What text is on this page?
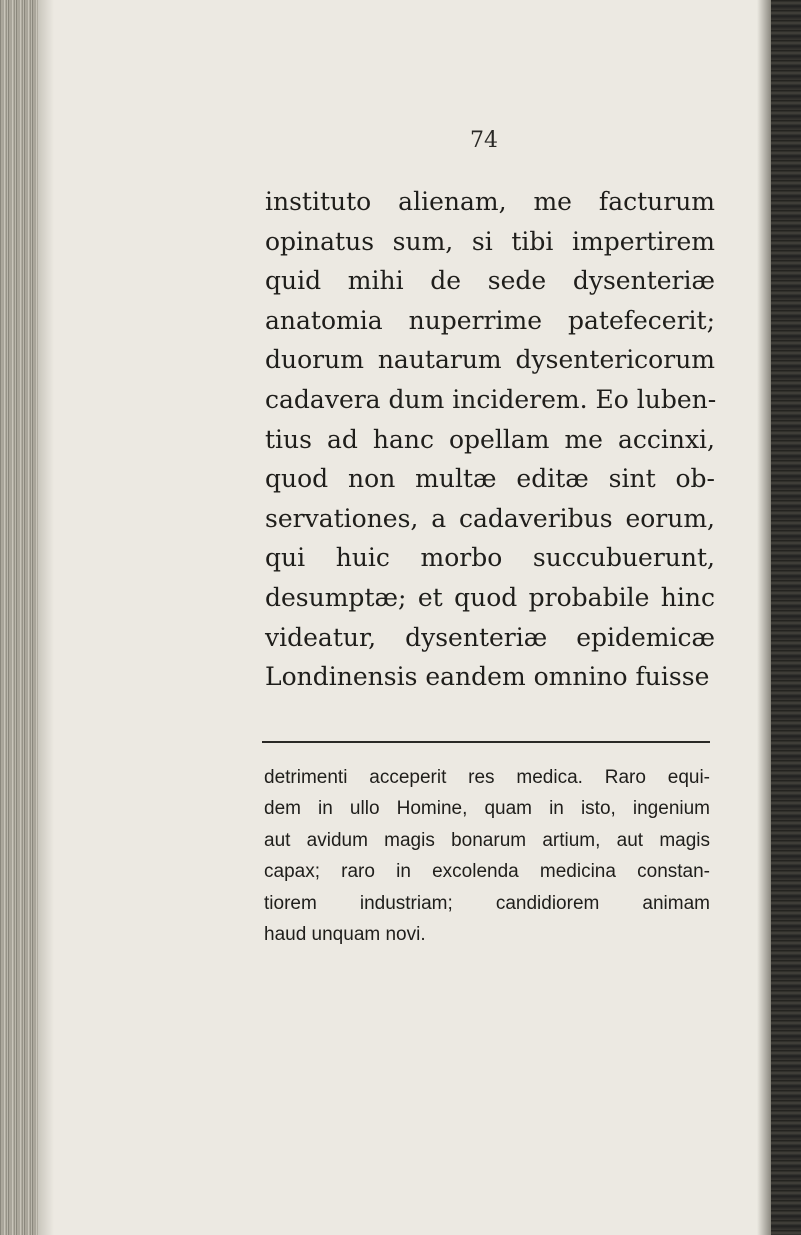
74
instituto alienam, me facturum
opinatus sum, si tibi impertirem
quid mihi de sede dysenteriæ
anatomia nuperrime patefecerit;
duorum nautarum dysentericorum
cadavera dum inciderem. Eo luben-
tius ad hanc opellam me accinxi,
quod non multæ editæ sint ob-
servationes, a cadaveribus eorum,
qui huic morbo succubuerunt,
desumptæ; et quod probabile hinc
videatur, dysenteriæ epidemicæ
Londinensis eandem omnino fuisse
detrimenti acceperit res medica. Raro equi-
dem in ullo Homine, quam in isto, ingenium
aut avidum magis bonarum artium, aut magis
capax; raro in excolenda medicina constan-
tiorem industriam; candidiorem animam
haud unquam novi.
